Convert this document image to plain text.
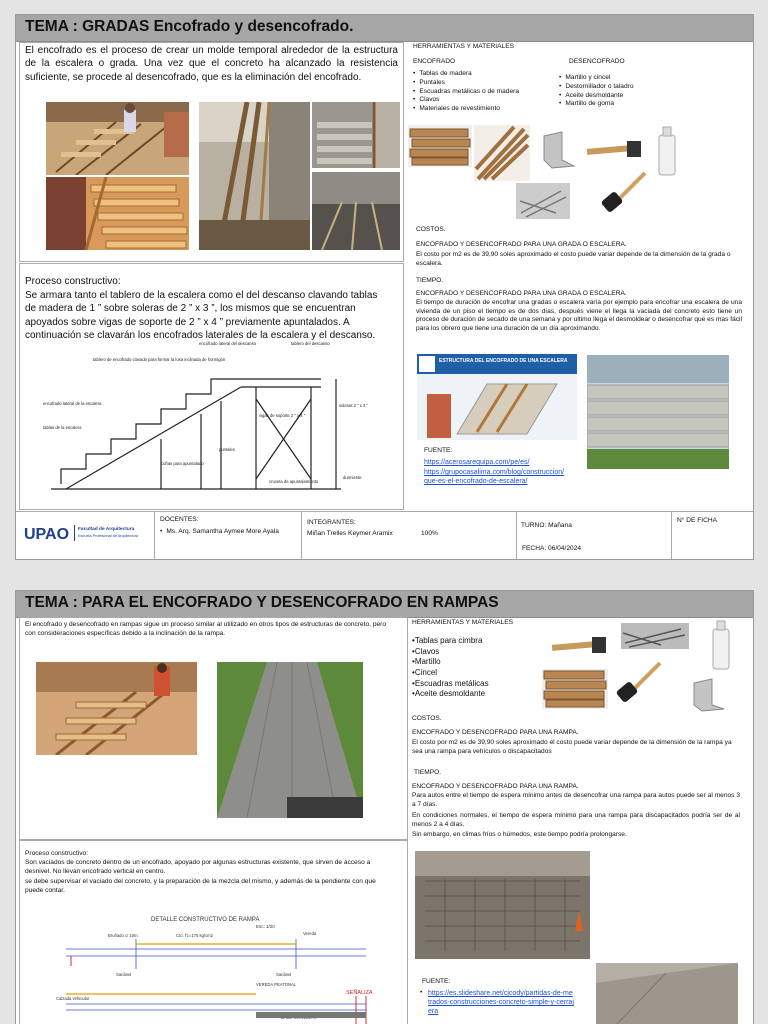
TEMA : GRADAS Encofrado y desencofrado.
El encofrado es el proceso de crear un molde temporal alrededor de la estructura de la escalera o grada. Una vez que el concreto ha alcanzado la resistencia suficiente, se procede al desencofrado, que es la eliminación del encofrado.
Proceso constructivo:
Se armara tanto el tablero de la escalera como el del descanso clavando tablas de madera de 1 ” sobre soleras de 2 ” x 3 ”, los mismos que se encuentran apoyados sobre vigas de soporte de 2 ” x 4 ” previamente apuntalados. A continuación se clavarán los encofrados laterales de la escalera y el descanso.
tablero de encofrado clavado para formar la losa inclinada de hormigón
encofrado lateral de la escalera
tablas de la escalera
encofrado lateral del descanso	tablero del descanso
vigas de soporte 2 ” x 4 ”
puntales
cuñas para apuntalado
cruceta de apuntalamiento
durmiente
soleras 2 ” x 3 ”
HERRAMIENTAS Y MATERIALES
ENCOFRADO
• Tablas de madera
• Puntales
• Escuadras metálicas o de madera
• Clavos
• Materiales de revestimiento
DESENCOFRADO
• Martillo y cincel
• Destornillador o taladro
• Aceite desmoldante
• Martillo de goma
COSTOS.
ENCOFRADO Y DESENCOFRADO PARA UNA GRADA O ESCALERA.
El costo por m2 es de 39,90 soles aproximado el costo puede variar depende de la dimensión de la grada o escalera.
TIEMPO.
ENCOFRADO Y DESENCOFRADO PARA UNA GRADA O ESCALERA.
El tiempo de duración de encofrar una gradas o escalera varía por ejemplo para encofrar una escalera de una vivienda de un piso el tiempo es de dos días, después viene el llega la vaciada del concreto esto tiene un proceso de duración de secado de una semana y por ultimo llega el desmoldear o desencofrar que es mas fácil para los obrero que tiene una duración de un día aproximando.
ESTRUCTURA DEL ENCOFRADO DE UNA ESCALERA
FUENTE:
https://acerosarequipa.com/pe/es/
https://grupocasalima.com/blog/construccion/que-es-el-encofrado-de-escalera/
UPAO Facultad de Arquitectura
Escuela Profesional de Arquitectura
DOCENTES:
• Ms. Arq. Samantha Aymee More Ayala
INTEGRANTES:
Miñan Trelles Keymer Aramix	100%
TURNO: Mañana
FECHA: 06/04/2024
N° DE FICHA
TEMA : PARA EL ENCOFRADO Y DESENCOFRADO EN RAMPAS
El encofrado y desencofrado en rampas sigue un proceso similar al utilizado en otros tipos de estructuras de concreto, pero con consideraciones específicas debido a la inclinación de la rampa.
Proceso constructivo:
Son vaciados de concreto dentro de un encofrado, apoyado por algunas estructuras existente, que sirven de acceso a desnivel. No llevan encofrado vertical en centro.
se debe supervisar el vaciado del concreto, y la preparación de la mezcla del mismo, y además de la pendiente con que puede contar.
DETALLE CONSTRUCTIVO DE RAMPA
Esc: 1/20
Bruñado c/ 10m.	Cto. f'c=175 kg/cm2	Vereda
Sardinel	Sardinel
Calzada vehicular
VEREDA PEATONAL
SEÑALIZA
HERRAMIENTAS Y MATERIALES
• Tablas para cimbra
• Clavos
• Martillo
• Cincel
• Escuadras metálicas
• Aceite desmoldante
COSTOS.
ENCOFRADO Y DESENCOFRADO PARA UNA RAMPA.
El costo por m2 es de 39,90 soles aproximado el costo puede variar depende de la dimensión de la rampa ya sea una rampa para vehículos o discapacitados
TIEMPO.
ENCOFRADO Y DESENCOFRADO PARA UNA RAMPA.
Para autos entre el tiempo de espera mínimo antes de desencofrar una rampa para autos puede ser al menos 3 a 7 días.
En condiciones normales, el tiempo de espera mínimo para una rampa para discapacitados podría ser de al menos 2 a 4 días.
Sin embargo, en climas fríos o húmedos, este tiempo podría prolongarse.
FUENTE:
• https://es.slideshare.net/cjcody/partidas-de-metrados-construcciones-concreto-simple-y-cerrajera
